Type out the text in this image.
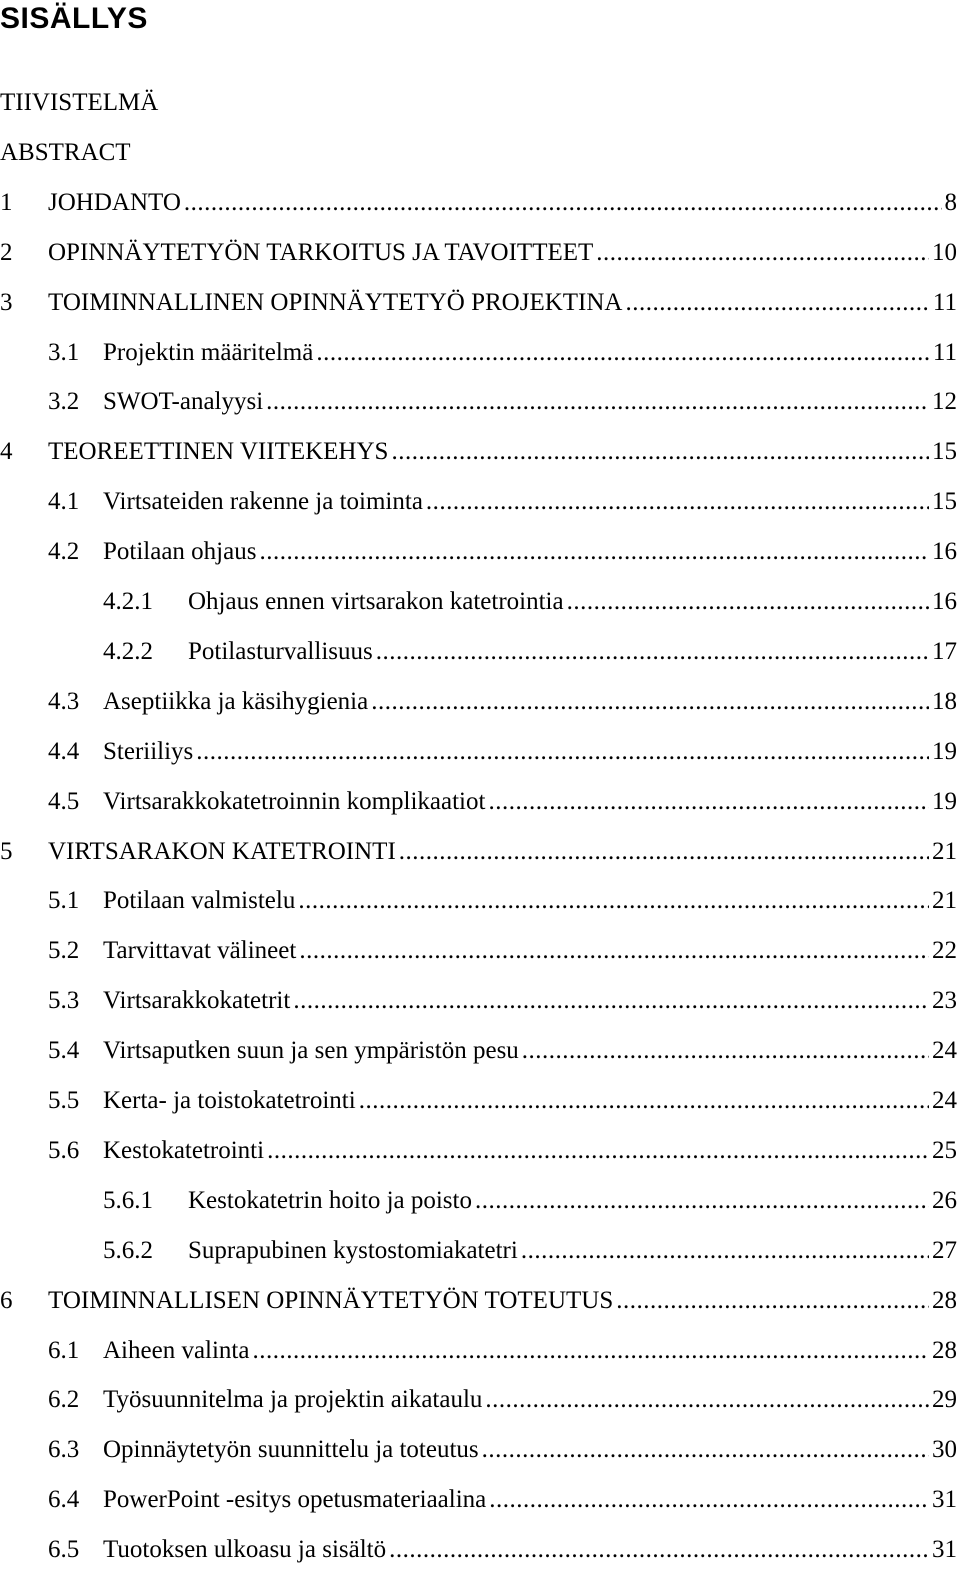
SISÄLLYS
TIIVISTELMÄ
ABSTRACT
1 JOHDANTO .....	8
2 OPINNÄYTETYÖN TARKOITUS JA TAVOITTEET .....	10
3 TOIMINNALLINEN OPINNÄYTETYÖ PROJEKTINA .....	11
3.1 Projektin määritelmä .....	11
3.2 SWOT-analyysi .....	12
4 TEOREETTINEN VIITEKEHYS .....	15
4.1 Virtsateiden rakenne ja toiminta .....	15
4.2 Potilaan ohjaus .....	16
4.2.1 Ohjaus ennen virtsarakon katetrointia .....	16
4.2.2 Potilasturvallisuus .....	17
4.3 Aseptiikka ja käsihygienia .....	18
4.4 Steriiliys .....	19
4.5 Virtsarakkokatetroinnin komplikaatiot .....	19
5 VIRTSARAKON KATETROINTI .....	21
5.1 Potilaan valmistelu .....	21
5.2 Tarvittavat välineet .....	22
5.3 Virtsarakkokatetrit .....	23
5.4 Virtsaputken suun ja sen ympäristön pesu .....	24
5.5 Kerta- ja toistokatetrointi .....	24
5.6 Kestokatetrointi .....	25
5.6.1 Kestokatetrin hoito ja poisto .....	26
5.6.2 Suprapubinen kystostomiakatetri .....	27
6 TOIMINNALLISEN OPINNÄYTETYÖN TOTEUTUS .....	28
6.1 Aiheen valinta .....	28
6.2 Työsuunnitelma ja projektin aikataulu .....	29
6.3 Opinnäytetyön suunnittelu ja toteutus .....	30
6.4 PowerPoint -esitys opetusmateriaalina .....	31
6.5 Tuotoksen ulkoasu ja sisältö .....	31
